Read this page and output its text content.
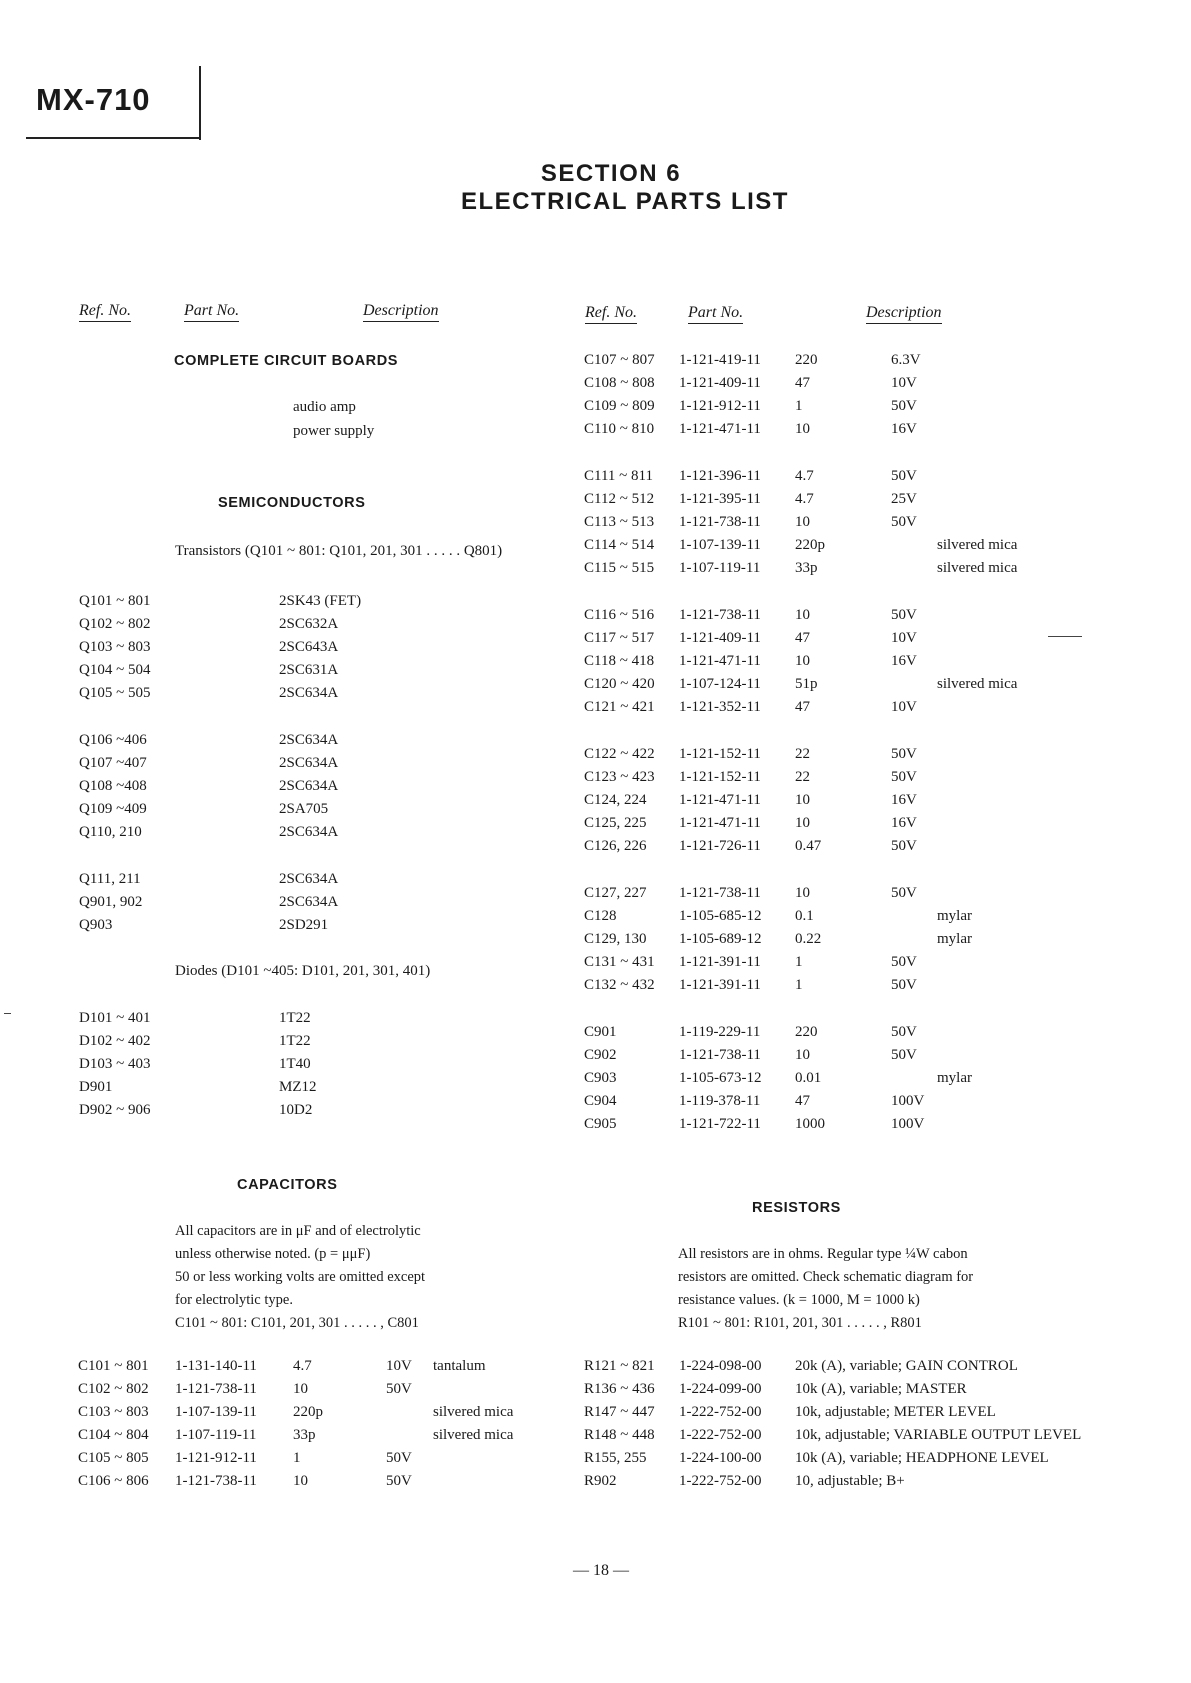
MX-710
SECTION 6
ELECTRICAL PARTS LIST
Ref. No.	Part No.	Description	Ref. No.	Part No.	Description
COMPLETE CIRCUIT BOARDS
audio amp
power supply
SEMICONDUCTORS
Transistors (Q101 ~ 801: Q101, 201, 301 . . . . . Q801)
Q101 ~ 801	2SK43 (FET)
Q102 ~ 802	2SC632A
Q103 ~ 803	2SC643A
Q104 ~ 504	2SC631A
Q105 ~ 505	2SC634A
Q106 ~406	2SC634A
Q107 ~407	2SC634A
Q108 ~408	2SC634A
Q109 ~409	2SA705
Q110, 210	2SC634A
Q111, 211	2SC634A
Q901, 902	2SC634A
Q903	2SD291
Diodes (D101 ~405: D101, 201, 301, 401)
D101 ~ 401	1T22
D102 ~ 402	1T22
D103 ~ 403	1T40
D901	MZ12
D902 ~ 906	10D2
CAPACITORS
All capacitors are in μF and of electrolytic
unless otherwise noted. (p = μμF)
50 or less working volts are omitted except
for electrolytic type.
C101 ~ 801: C101, 201, 301 . . . . . , C801
C101 ~ 801 1-131-140-11 4.7	10V tantalum
C102 ~ 802 1-121-738-11 10	50V
C103 ~ 803 1-107-139-11 220p	silvered mica
C104 ~ 804 1-107-119-11 33p	silvered mica
C105 ~ 805 1-121-912-11 1	50V
C106 ~ 806 1-121-738-11 10	50V
C107 ~ 807 1-121-419-11 220	6.3V
C108 ~ 808 1-121-409-11 47	10V
C109 ~ 809 1-121-912-11 1	50V
C110 ~ 810 1-121-471-11 10	16V
C111 ~ 811 1-121-396-11 4.7	50V
C112 ~ 512 1-121-395-11 4.7	25V
C113 ~ 513 1-121-738-11 10	50V
C114 ~ 514 1-107-139-11 220p	silvered mica
C115 ~ 515 1-107-119-11 33p	silvered mica
C116 ~ 516 1-121-738-11 10	50V
C117 ~ 517 1-121-409-11 47	10V
C118 ~ 418 1-121-471-11 10	16V
C120 ~ 420 1-107-124-11 51p	silvered mica
C121 ~ 421 1-121-352-11 47	10V
C122 ~ 422 1-121-152-11 22	50V
C123 ~ 423 1-121-152-11 22	50V
C124, 224 1-121-471-11 10	16V
C125, 225 1-121-471-11 10	16V
C126, 226 1-121-726-11 0.47	50V
C127, 227 1-121-738-11 10	50V
C128	1-105-685-12 0.1	mylar
C129, 130 1-105-689-12 0.22	mylar
C131 ~ 431 1-121-391-11 1	50V
C132 ~ 432 1-121-391-11 1	50V
C901	1-119-229-11 220	50V
C902	1-121-738-11 10	50V
C903	1-105-673-12 0.01	mylar
C904	1-119-378-11 47	100V
C905	1-121-722-11 1000	100V
RESISTORS
All resistors are in ohms. Regular type ¼W cabon
resistors are omitted. Check schematic diagram for
resistance values. (k = 1000, M = 1000 k)
R101 ~ 801: R101, 201, 301 . . . . . , R801
R121 ~ 821 1-224-098-00 20k (A), variable; GAIN CONTROL
R136 ~ 436 1-224-099-00 10k (A), variable; MASTER
R147 ~ 447 1-222-752-00 10k, adjustable; METER LEVEL
R148 ~ 448 1-222-752-00 10k, adjustable; VARIABLE OUTPUT LEVEL
R155, 255 1-224-100-00 10k (A), variable; HEADPHONE LEVEL
R902	1-222-752-00 10, adjustable; B+
— 18 —
